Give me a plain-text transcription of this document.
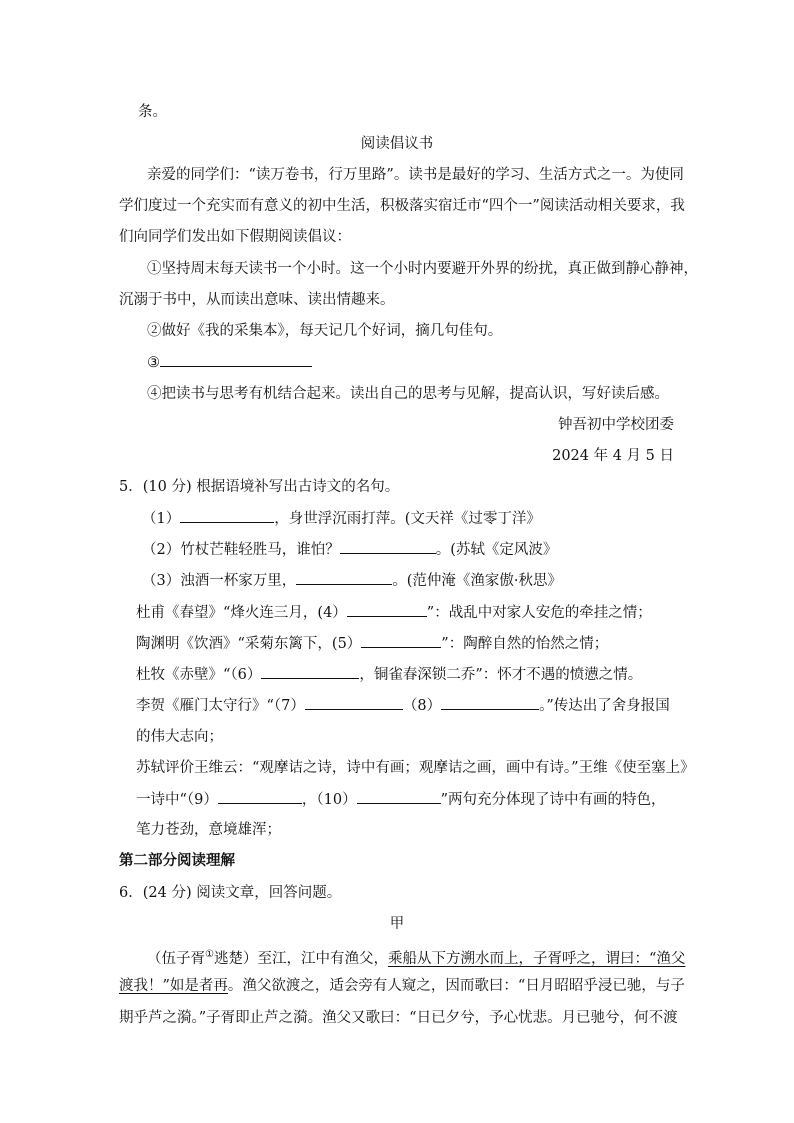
条。
阅读倡议书
亲爱的同学们：“读万卷书，行万里路”。读书是最好的学习、生活方式之一。为使同
学们度过一个充实而有意义的初中生活，积极落实宿迁市“四个一”阅读活动相关要求，我
们向同学们发出如下假期阅读倡议：
①坚持周末每天读书一个小时。这一个小时内要避开外界的纷扰，真正做到静心静神，
沉溺于书中，从而读出意味、读出情趣来。
②做好《我的采集本》，每天记几个好词，摘几句佳句。
③
④把读书与思考有机结合起来。读出自己的思考与见解，提高认识，写好读后感。
钟吾初中学校团委
2024 年 4 月 5 日
5．(10 分) 根据语境补写出古诗文的名句。
（1）	，身世浮沉雨打萍。(文天祥《过零丁洋》
（2）竹杖芒鞋轻胜马，谁怕？	。(苏轼《定风波》
（3）浊酒一杯家万里，	。(范仲淹《渔家傲·秋思》
杜甫《春望》“烽火连三月，(4）	”：战乱中对家人安危的牵挂之情；
陶渊明《饮酒》“采菊东篱下，(5）	”：陶醉自然的怡然之情；
杜牧《赤壁》“（6）	，铜雀春深锁二乔”：怀才不遇的愤懑之情。
李贺《雁门太守行》“（7）	（8）	。”传达出了舍身报国
的伟大志向；
苏轼评价王维云：“观摩诘之诗，诗中有画；观摩诘之画，画中有诗。”王维《使至塞上》
一诗中“（9）	，（10）	”两句充分体现了诗中有画的特色，
笔力苍劲，意境雄浑；
第二部分阅读理解
6．(24 分) 阅读文章，回答问题。
甲
（伍子胥①逃楚）至江，江中有渔父，乘船从下方溯水而上，子胥呼之，谓曰：“渔父
渡我！”如是者再。渔父欲渡之，适会旁有人窥之，因而歌曰：“日月昭昭乎浸已驰，与子
期乎芦之漪。”子胥即止芦之漪。渔父又歌曰：“日已夕兮，予心忧悲。月已驰兮，何不渡
